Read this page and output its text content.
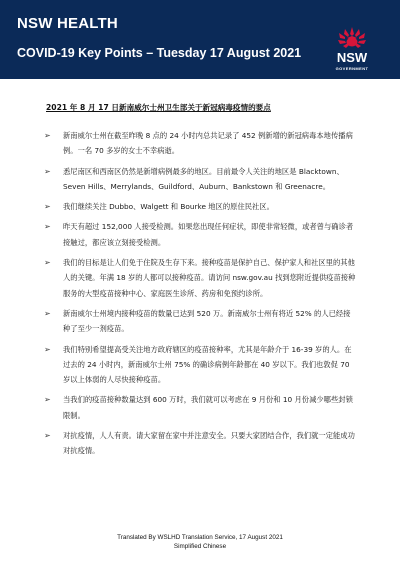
NSW HEALTH
COVID-19 Key Points – Tuesday 17 August 2021	NSW
GOVERNMENT
2021 年 8 月 17 日新南威尔士州卫生部关于新冠病毒疫情的要点
➢	新南威尔士州在截至昨晚 8 点的 24 小时内总共记录了 452 例新增的新冠病毒本地传播病例。一名 70 多岁的女士不幸病逝。
➢	悉尼南区和西南区仍然是新增病例最多的地区。目前最令人关注的地区是 Blacktown、Seven Hills、Merrylands、Guildford、Auburn、Bankstown 和 Greenacre。
➢	我们继续关注 Dubbo、Walgett 和 Bourke 地区的原住民社区。
➢	昨天有超过 152,000 人接受检测。如果您出现任何症状，即使非常轻微，或者曾与确诊者接触过，都应该立刻接受检测。
➢	我们的目标是让人们免于住院及生存下来。接种疫苗是保护自己、保护家人和社区里的其他人的关键。年满 18 岁的人都可以接种疫苗。请访问 nsw.gov.au 找到您附近提供疫苗接种服务的大型疫苗接种中心、家庭医生诊所、药房和免预约诊所。
➢	新南威尔士州境内接种疫苗的数量已达到 520 万。新南威尔士州有将近 52% 的人已经接种了至少一剂疫苗。
➢	我们特别希望提高受关注地方政府辖区的疫苗接种率，尤其是年龄介于 16-39 岁的人。在过去的 24 小时内，新南威尔士州 75% 的确诊病例年龄都在 40 岁以下。我们也敦促 70 岁以上体弱的人尽快接种疫苗。
➢	当我们的疫苗接种数量达到 600 万时，我们就可以考虑在 9 月份和 10 月份减少哪些封锁限制。
➢	对抗疫情，人人有责。请大家留在家中并注意安全。只要大家团结合作，我们就一定能成功对抗疫情。
Translated By WSLHD Translation Service, 17 August 2021
Simplified Chinese
